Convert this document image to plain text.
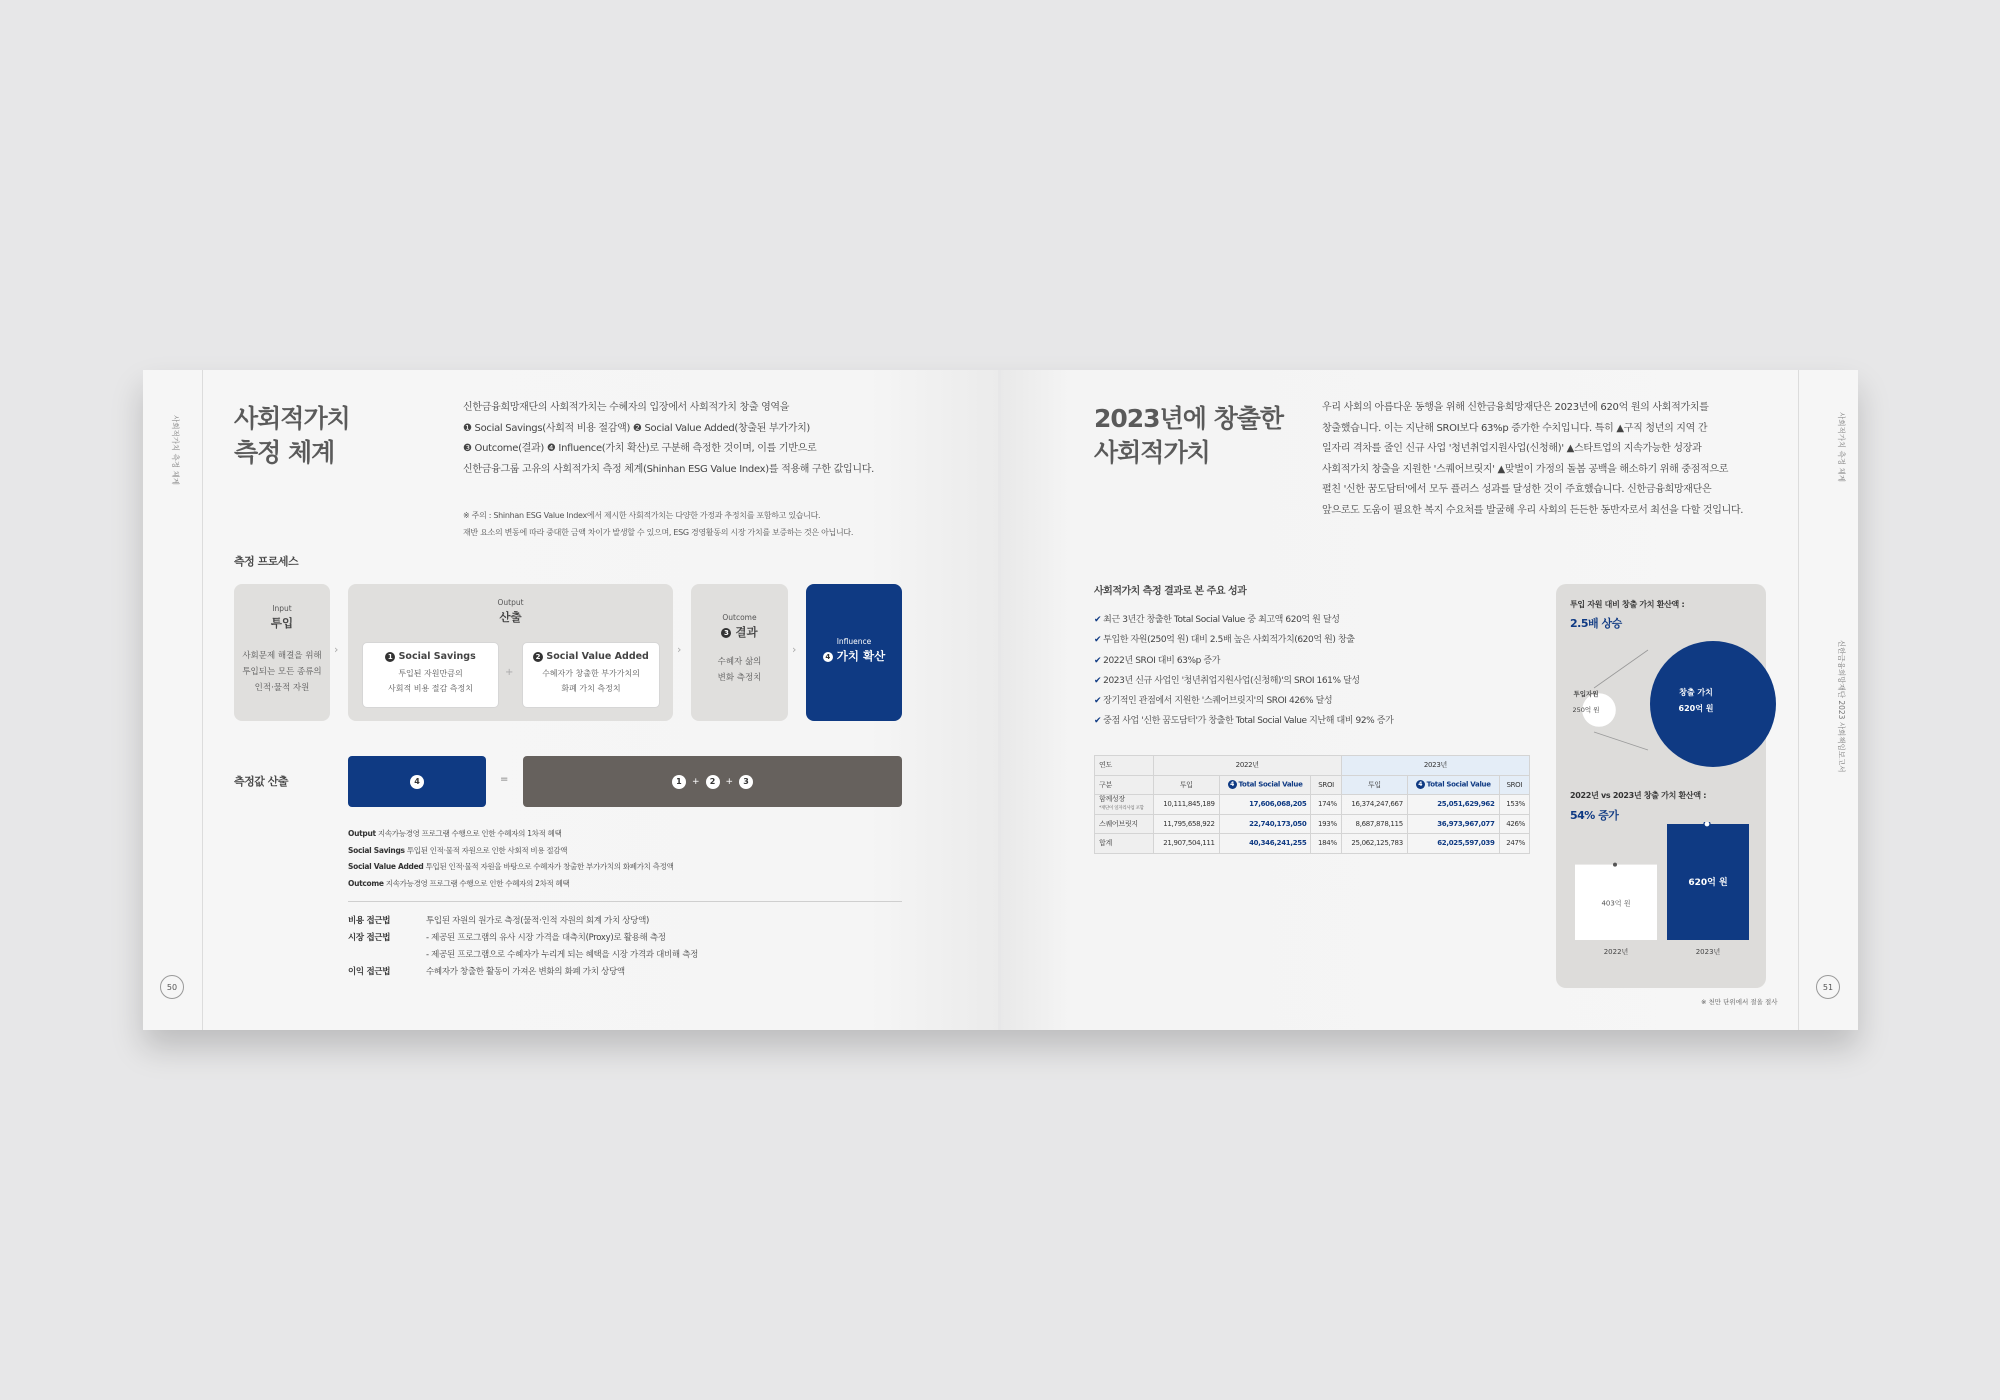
사회적가치 측정 체계
50
사회적가치
측정 체계
신한금융희망재단의 사회적가치는 수혜자의 입장에서 사회적가치 창출 영역을
❶ Social Savings(사회적 비용 절감액) ❷ Social Value Added(창출된 부가가치)
❸ Outcome(결과) ❹ Influence(가치 확산)로 구분해 측정한 것이며, 이를 기반으로
신한금융그룹 고유의 사회적가치 측정 체계(Shinhan ESG Value Index)를 적용해 구한 값입니다.
※ 주의 : Shinhan ESG Value Index에서 제시한 사회적가치는 다양한 가정과 추정치를 포함하고 있습니다.
재반 요소의 변동에 따라 중대한 금액 차이가 발생할 수 있으며, ESG 경영활동의 시장 가치를 보증하는 것은 아닙니다.
측정 프로세스
Input
투입
사회문제 해결을 위해
투입되는 모든 종류의
인적·물적 자원
›
Output
산출
1 Social Savings
투입된 자원만큼의
사회적 비용 절감 측정치
+
2 Social Value Added
수혜자가 창출한 부가가치의
화폐 가치 측정치
›
Outcome
3 결과
수혜자 삶의
변화 측정치
›
Influence
4 가치 확산
측정값 산출	4	=	1	+	2	+	3
Output 지속가능경영 프로그램 수행으로 인한 수혜자의 1차적 혜택
Social Savings 투입된 인적·물적 자원으로 인한 사회적 비용 절감액
Social Value Added 투입된 인적·물적 자원을 바탕으로 수혜자가 창출한 부가가치의 화폐가치 측정액
Outcome 지속가능경영 프로그램 수행으로 인한 수혜자의 2차적 혜택
비용 접근법	투입된 자원의 원가로 측정(물적·인적 자원의 회계 가치 상당액)
시장 접근법	- 제공된 프로그램의 유사 시장 가격을 대측치(Proxy)로 활용해 측정
- 제공된 프로그램으로 수혜자가 누리게 되는 혜택을 시장 가격과 대비해 측정
이익 접근법	수혜자가 창출한 활동이 가져온 변화의 화폐 가치 상당액
사회적가치 측정 체계
신한금융희망재단 2023 사회책임보고서
51
2023년에 창출한
사회적가치
우리 사회의 아름다운 동행을 위해 신한금융희망재단은 2023년에 620억 원의 사회적가치를
창출했습니다. 이는 지난해 SROI보다 63%p 증가한 수치입니다. 특히 ▲구직 청년의 지역 간
일자리 격차를 줄인 신규 사업 '청년취업지원사업(신청해)' ▲스타트업의 지속가능한 성장과
사회적가치 창출을 지원한 '스퀘어브릿지' ▲맞벌이 가정의 돌봄 공백을 해소하기 위해 중점적으로
펼친 '신한 꿈도담터'에서 모두 플러스 성과를 달성한 것이 주효했습니다. 신한금융희망재단은
앞으로도 도움이 필요한 복지 수요처를 발굴해 우리 사회의 든든한 동반자로서 최선을 다할 것입니다.
사회적가치 측정 결과로 본 주요 성과
✔ 최근 3년간 창출한 Total Social Value 중 최고액 620억 원 달성
✔ 투입한 자원(250억 원) 대비 2.5배 높은 사회적가치(620억 원) 창출
✔ 2022년 SROI 대비 63%p 증가
✔ 2023년 신규 사업인 '청년취업지원사업(신청해)'의 SROI 161% 달성
✔ 장기적인 관점에서 지원한 '스퀘어브릿지'의 SROI 426% 달성
✔ 중점 사업 '신한 꿈도담터'가 창출한 Total Social Value 지난해 대비 92% 증가
연도	2022년			2023년		
구분	투입	4 Total Social Value	SROI	투입	4 Total Social Value	SROI

함께성장
*재단이 일자리사업 포함	10,111,845,189	17,606,068,205	174%	16,374,247,667	25,051,629,962	153%
스퀘어브릿지	11,795,658,922	22,740,173,050	193%	8,687,878,115	36,973,967,077	426%
합계	21,907,504,111	40,346,241,255	184%	25,062,125,783	62,025,597,039	247%
투입 자원 대비 창출 가치 환산액 :
2.5배 상승
투입자원
250억 원
창출 가치
620억 원
2022년 vs 2023년 창출 가치 환산액 :
54% 증가
403억 원
2022년
620억 원
2023년
※ 천만 단위에서 절올 절사
